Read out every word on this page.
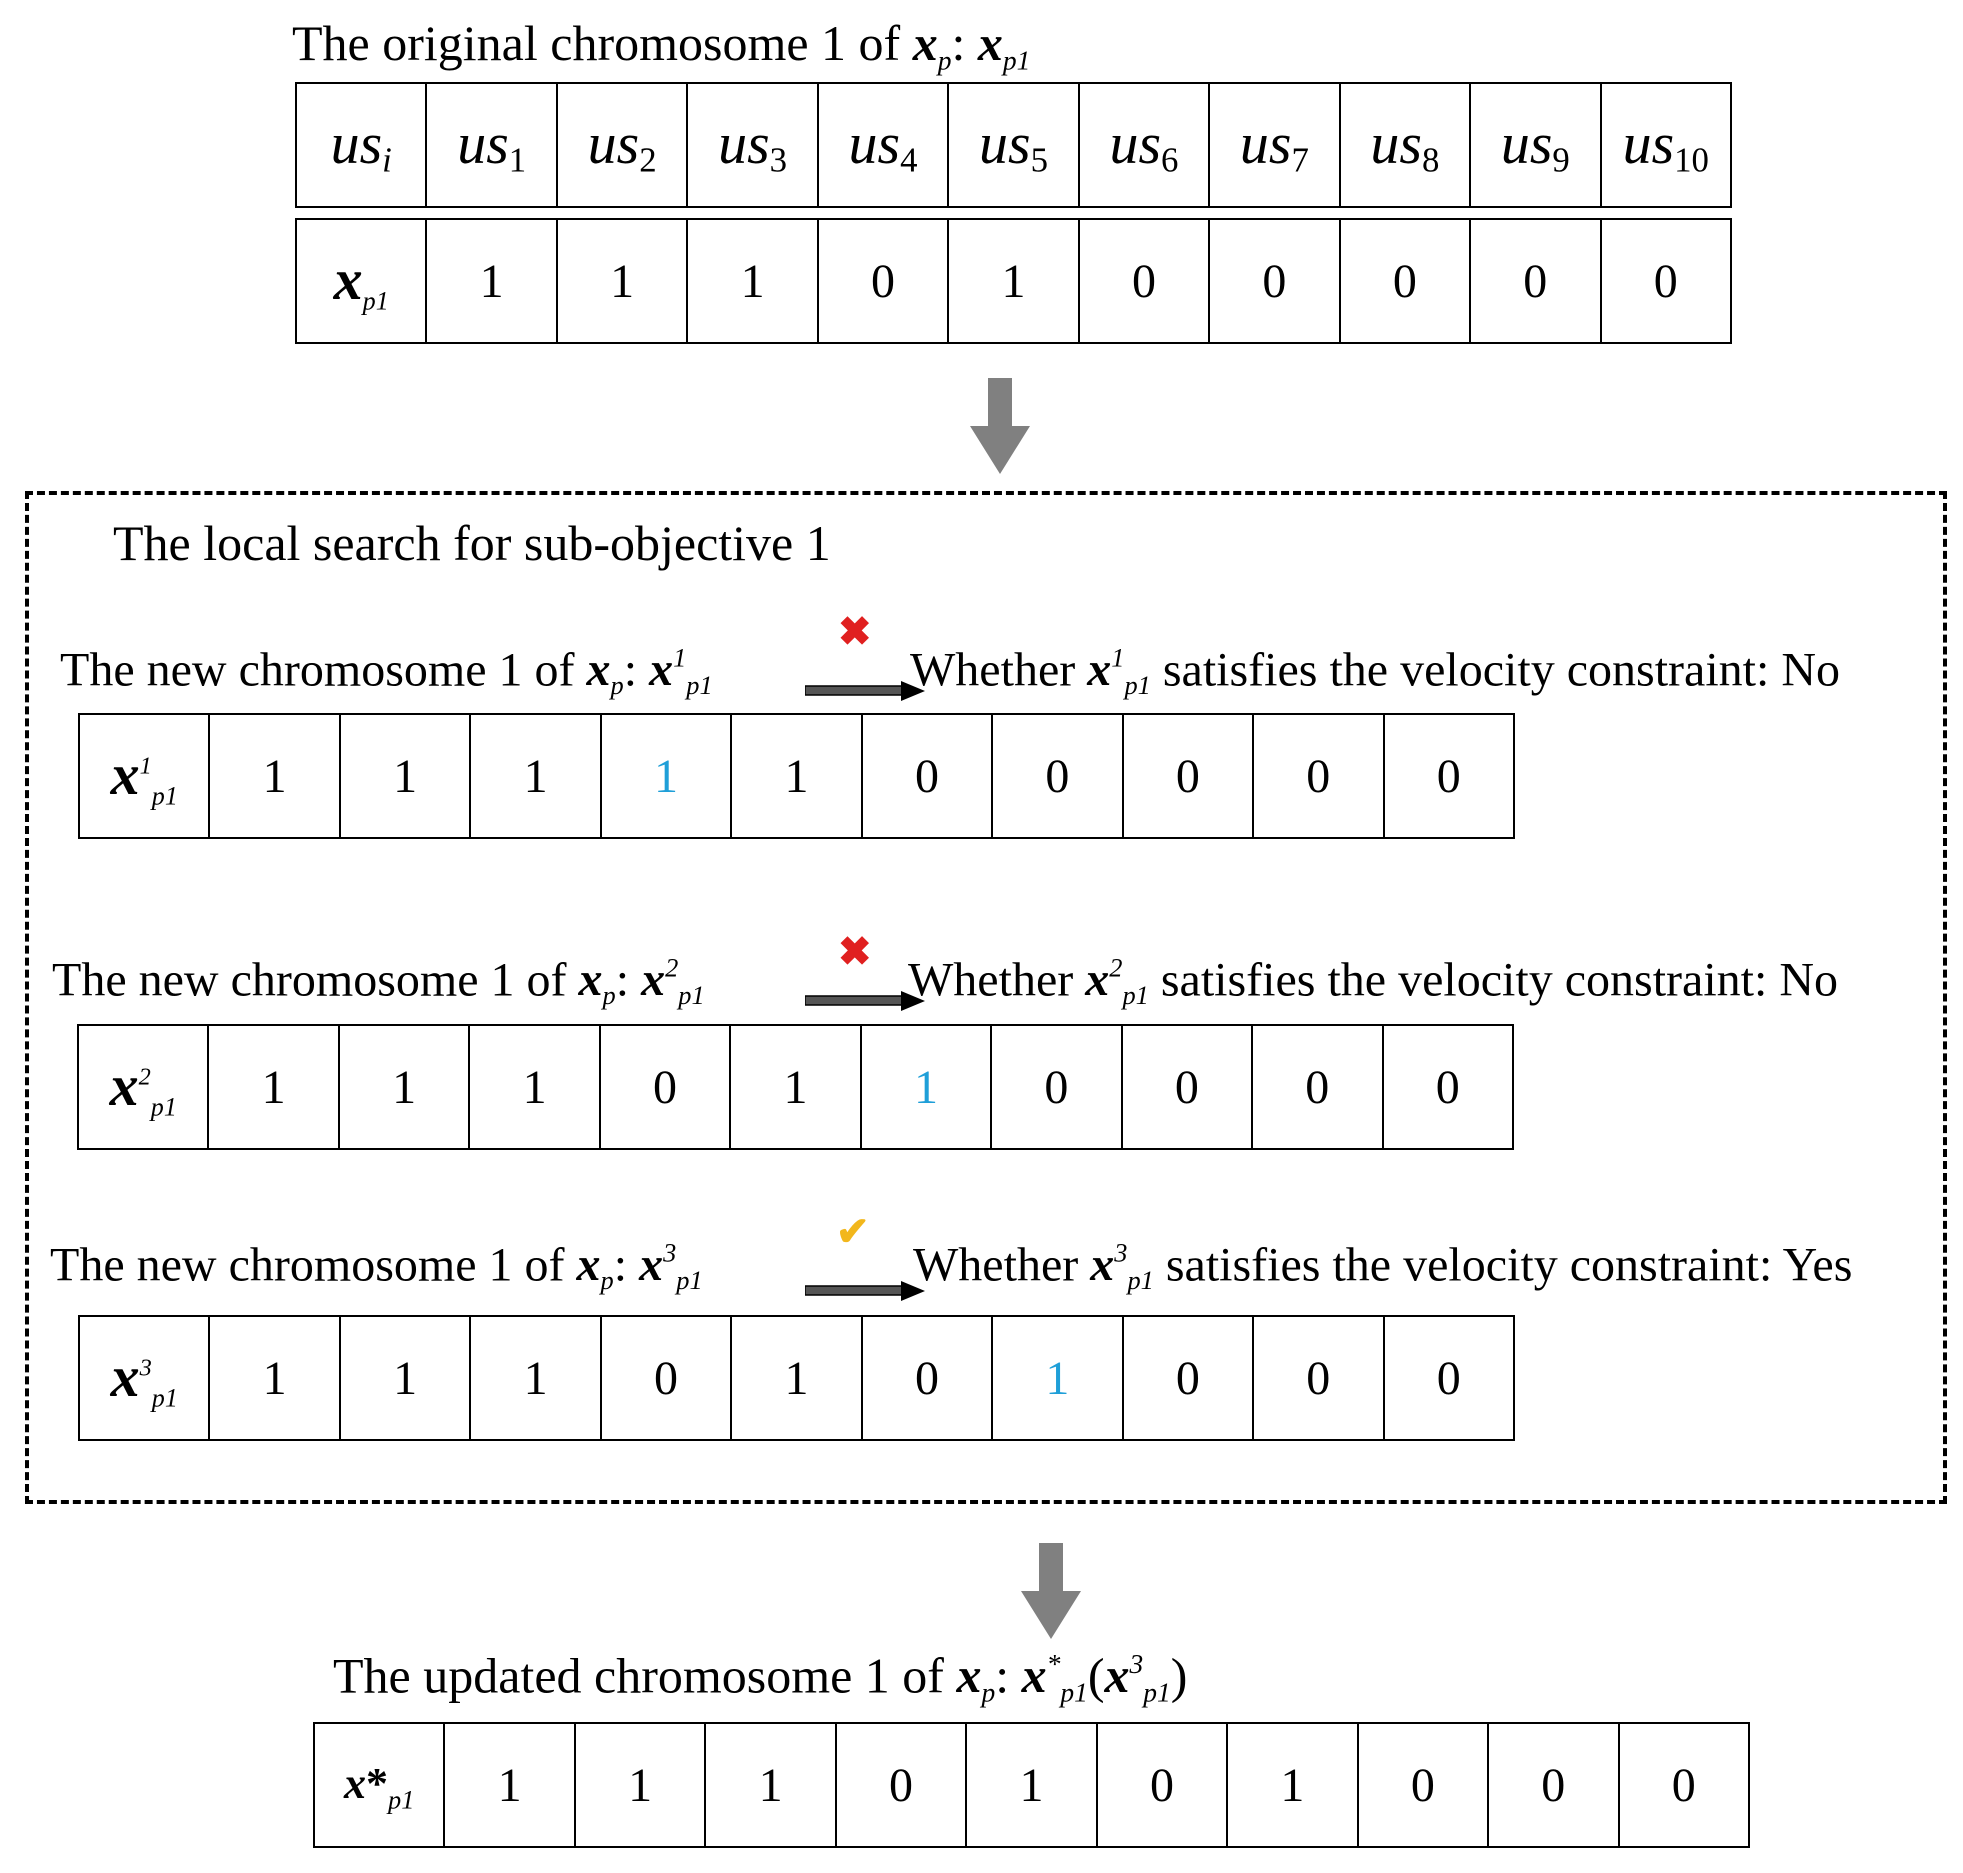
The original chromosome 1 of $x_p$: $x_{p1}$
$us_i$	$us_1$	$us_2$	$us_3$	$us_4$	$us_5$	$us_6$	$us_7$	$us_8$	$us_9$	$us_{10}$

$x_{p1}$	1	1	1	0	1	0	0	0	0	0
The local search for sub-objective 1
The new chromosome 1 of $x_p$: $x^1_{p1}$
✖
Whether $x^1_{p1}$ satisfies the velocity constraint: No
$x^1_{p1}$	1	1	1	1	1	0	0	0	0	0
The new chromosome 1 of $x_p$: $x^2_{p1}$
✖
Whether $x^2_{p1}$ satisfies the velocity constraint: No
$x^2_{p1}$	1	1	1	0	1	1	0	0	0	0
The new chromosome 1 of $x_p$: $x^3_{p1}$
✔
Whether $x^3_{p1}$ satisfies the velocity constraint: Yes
$x^3_{p1}$	1	1	1	0	1	0	1	0	0	0
The updated chromosome 1 of $x_p$: $x^*_{p1}(x^3_{p1})$
$x*_{p1}$	1	1	1	0	1	0	1	0	0	0
